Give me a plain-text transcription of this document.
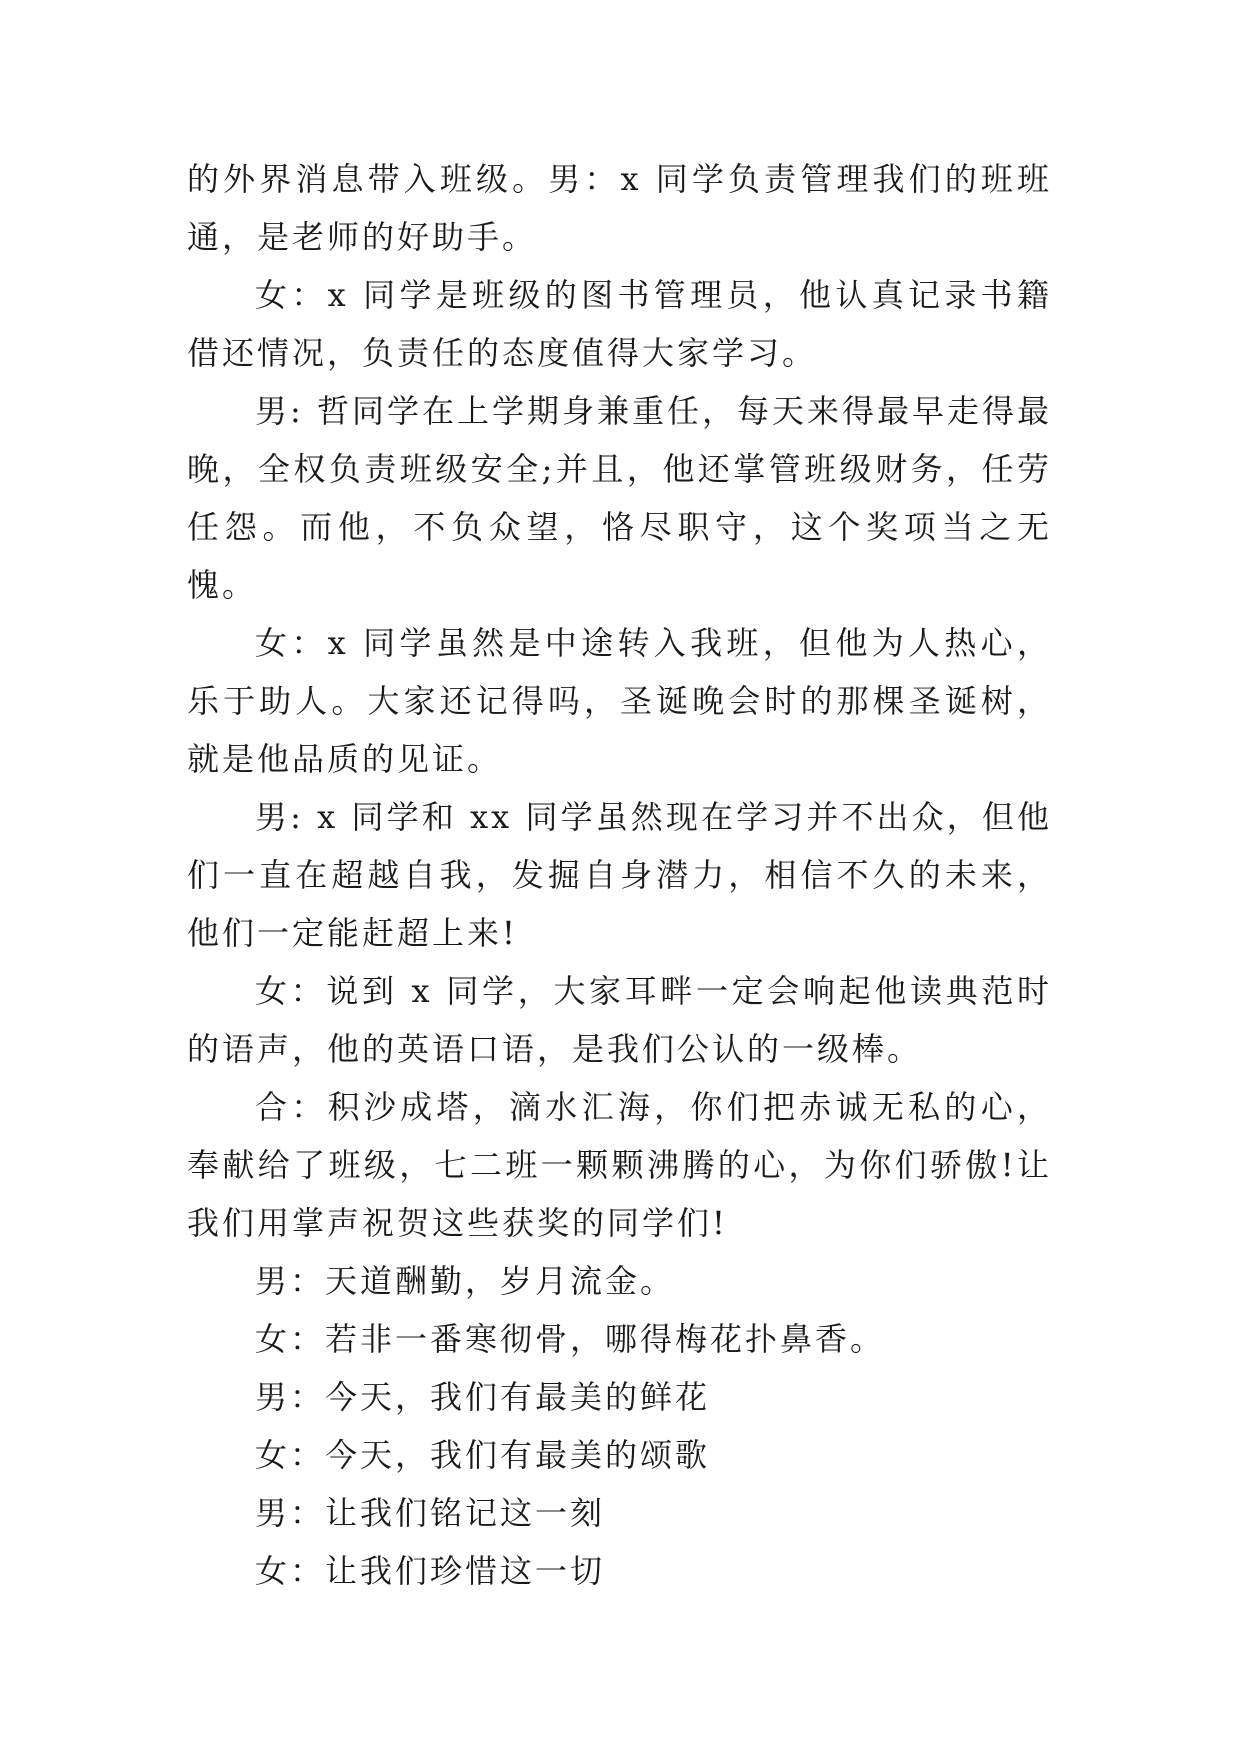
的外界消息带入班级。男：x 同学负责管理我们的班班通，是老师的好助手。

女：x 同学是班级的图书管理员，他认真记录书籍借还情况，负责任的态度值得大家学习。

男: 哲同学在上学期身兼重任，每天来得最早走得最晚，全权负责班级安全;并且，他还掌管班级财务，任劳任怨。而他，不负众望，恪尽职守，这个奖项当之无愧。

女：x 同学虽然是中途转入我班，但他为人热心，乐于助人。大家还记得吗，圣诞晚会时的那棵圣诞树，就是他品质的见证。

男: x 同学和 xx 同学虽然现在学习并不出众，但他们一直在超越自我，发掘自身潜力，相信不久的未来，他们一定能赶超上来!

女：说到 x 同学，大家耳畔一定会响起他读典范时的语声，他的英语口语，是我们公认的一级棒。

合：积沙成塔，滴水汇海，你们把赤诚无私的心，奉献给了班级，七二班一颗颗沸腾的心，为你们骄傲!让我们用掌声祝贺这些获奖的同学们!

男：天道酬勤，岁月流金。

女：若非一番寒彻骨，哪得梅花扑鼻香。

男：今天，我们有最美的鲜花

女：今天，我们有最美的颂歌

男：让我们铭记这一刻

女：让我们珍惜这一切
